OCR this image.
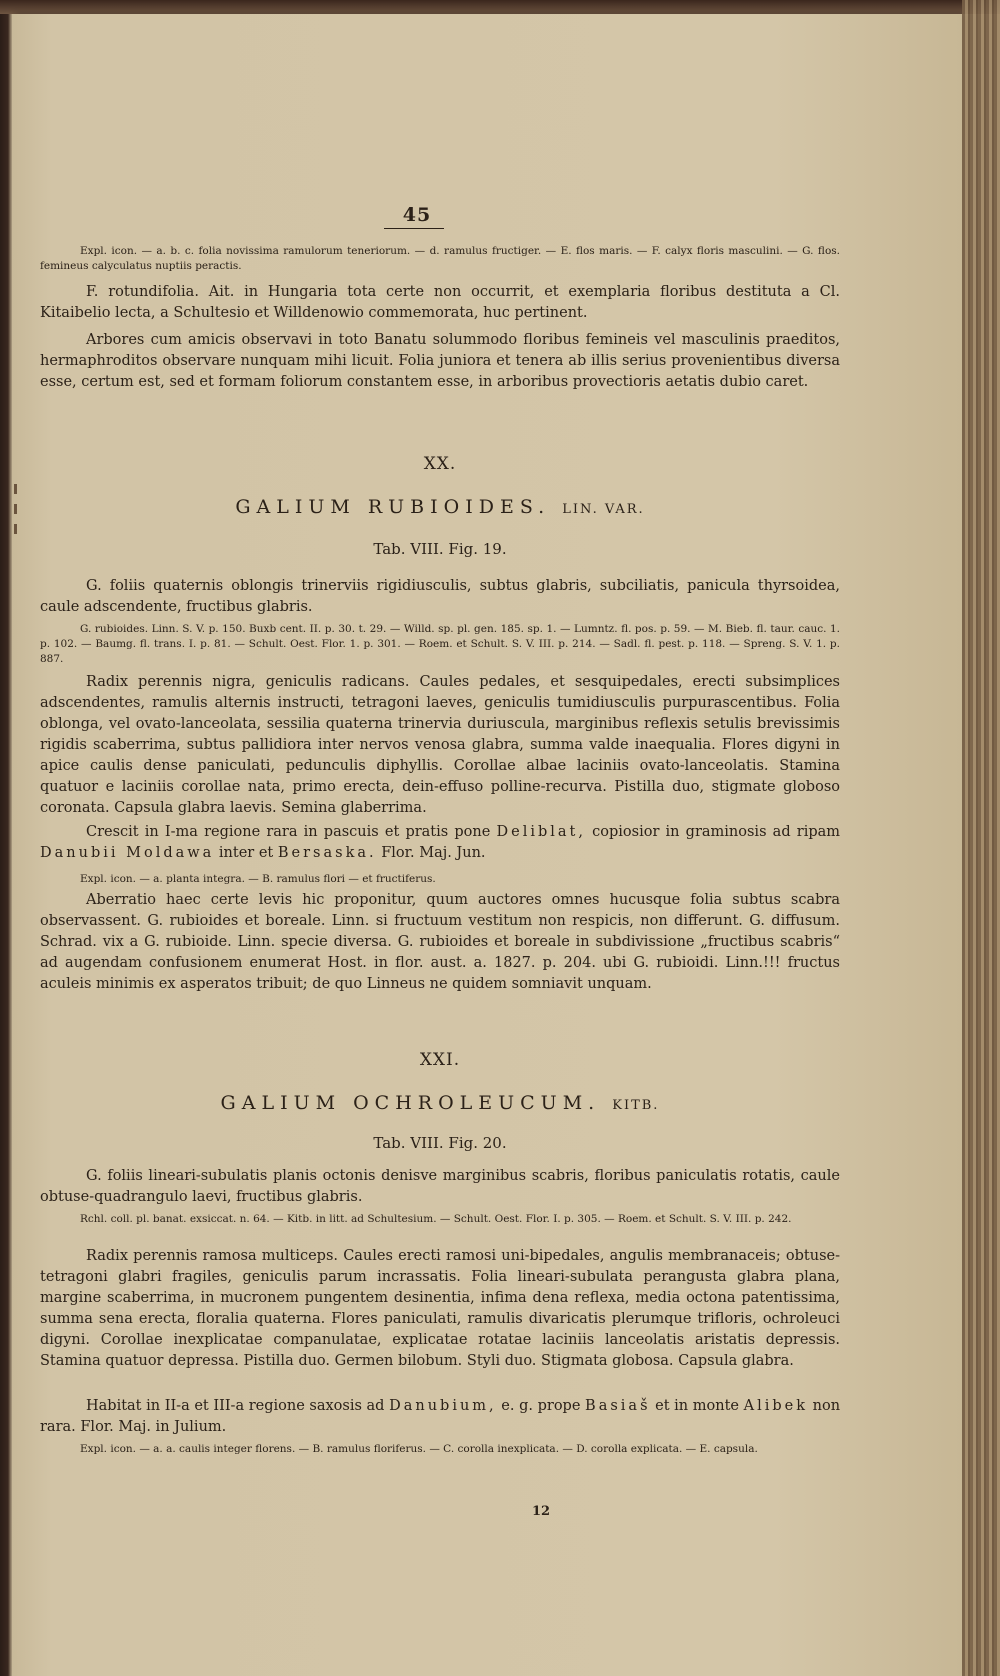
45

Expl. icon. — a. b. c. folia novissima ramulorum teneriorum. — d. ramulus fructiger. — E. flos maris. — F. calyx floris masculini. — G. flos. femineus calyculatus nuptiis peractis.

F. rotundifolia. Ait. in Hungaria tota certe non occurrit, et exemplaria floribus destituta a Cl. Kitaibelio lecta, a Schultesio et Willdenowio commemorata, huc pertinent.

Arbores cum amicis observavi in toto Banatu solummodo floribus femineis vel masculinis praeditos, hermaphroditos observare nunquam mihi licuit. Folia juniora et tenera ab illis serius provenientibus diversa esse, certum est, sed et formam foliorum constantem esse, in arboribus provectioris aetatis dubio caret.

XX.
GALIUM RUBIOIDES. LIN. VAR.
Tab. VIII. Fig. 19.

G. foliis quaternis oblongis trinerviis rigidiusculis, subtus glabris, subciliatis, panicula thyrsoidea, caule adscendente, fructibus glabris.

G. rubioides. Linn. S. V. p. 150. Buxb cent. II. p. 30. t. 29. — Willd. sp. pl. gen. 185. sp. 1. — Lumntz. fl. pos. p. 59. — M. Bieb. fl. taur. cauc. 1. p. 102. — Baumg. fl. trans. I. p. 81. — Schult. Oest. Flor. 1. p. 301. — Roem. et Schult. S. V. III. p. 214. — Sadl. fl. pest. p. 118. — Spreng. S. V. 1. p. 887.

Radix perennis nigra, geniculis radicans. Caules pedales, et sesquipedales, erecti subsimplices adscendentes, ramulis alternis instructi, tetragoni laeves, geniculis tumidiusculis purpurascentibus. Folia oblonga, vel ovato-lanceolata, sessilia quaterna trinervia duriuscula, marginibus reflexis setulis brevissimis rigidis scaberrima, subtus pallidiora inter nervos venosa glabra, summa valde inaequalia. Flores digyni in apice caulis dense paniculati, pedunculis diphyllis. Corollae albae laciniis ovato-lanceolatis. Stamina quatuor e laciniis corollae nata, primo erecta, dein-effuso polline-recurva. Pistilla duo, stigmate globoso coronata. Capsula glabra laevis. Semina glaberrima.

Crescit in I-ma regione rara in pascuis et pratis pone Deliblat, copiosior in graminosis ad ripam Danubii Moldawa inter et Bersaska. Flor. Maj. Jun.

Expl. icon. — a. planta integra. — B. ramulus flori — et fructiferus.

Aberratio haec certe levis hic proponitur, quum auctores omnes hucusque folia subtus scabra observassent. G. rubioides et boreale. Linn. si fructuum vestitum non respicis, non differunt. G. diffusum. Schrad. vix a G. rubioide. Linn. specie diversa. G. rubioides et boreale in subdivissione „fructibus scabris“ ad augendam confusionem enumerat Host. in flor. aust. a. 1827. p. 204. ubi G. rubioidi. Linn.!!! fructus aculeis minimis ex asperatos tribuit; de quo Linneus ne quidem somniavit unquam.

XXI.
GALIUM OCHROLEUCUM. KITB.
Tab. VIII. Fig. 20.

G. foliis lineari-subulatis planis octonis denisve marginibus scabris, floribus paniculatis rotatis, caule obtuse-quadrangulo laevi, fructibus glabris.

Rchl. coll. pl. banat. exsiccat. n. 64. — Kitb. in litt. ad Schultesium. — Schult. Oest. Flor. I. p. 305. — Roem. et Schult. S. V. III. p. 242.

Radix perennis ramosa multiceps. Caules erecti ramosi uni-bipedales, angulis membranaceis; obtuse-tetragoni glabri fragiles, geniculis parum incrassatis. Folia lineari-subulata perangusta glabra plana, margine scaberrima, in mucronem pungentem desinentia, infima dena reflexa, media octona patentissima, summa sena erecta, floralia quaterna. Flores paniculati, ramulis divaricatis plerumque trifloris, ochroleuci digyni. Corollae inexplicatae companulatae, explicatae rotatae laciniis lanceolatis aristatis depressis. Stamina quatuor depressa. Pistilla duo. Germen bilobum. Styli duo. Stigmata globosa. Capsula glabra.

Habitat in II-a et III-a regione saxosis ad Danubium, e. g. prope Basiaš et in monte Alibek non rara. Flor. Maj. in Julium.

Expl. icon. — a. a. caulis integer florens. — B. ramulus floriferus. — C. corolla inexplicata. — D. corolla explicata. — E. capsula.

12
